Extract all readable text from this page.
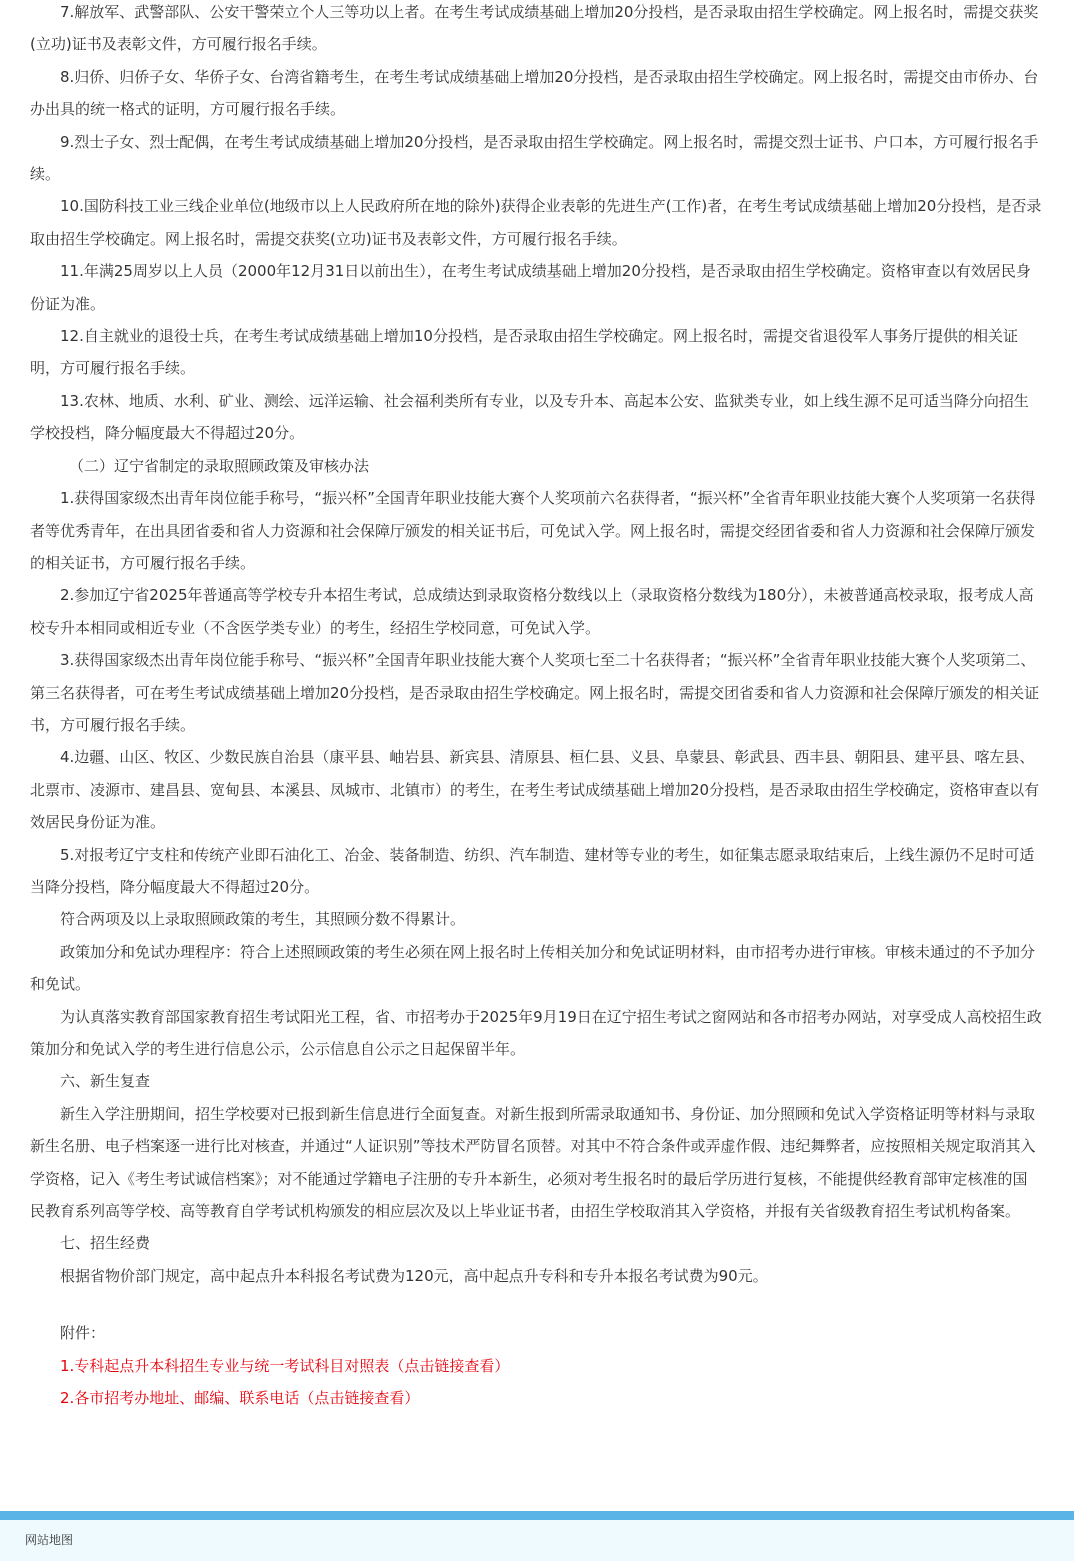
7.解放军、武警部队、公安干警荣立个人三等功以上者。在考生考试成绩基础上增加20分投档，是否录取由招生学校确定。网上报名时，需提交获奖(立功)证书及表彰文件，方可履行报名手续。

8.归侨、归侨子女、华侨子女、台湾省籍考生，在考生考试成绩基础上增加20分投档，是否录取由招生学校确定。网上报名时，需提交由市侨办、台办出具的统一格式的证明，方可履行报名手续。

9.烈士子女、烈士配偶，在考生考试成绩基础上增加20分投档，是否录取由招生学校确定。网上报名时，需提交烈士证书、户口本，方可履行报名手续。

10.国防科技工业三线企业单位(地级市以上人民政府所在地的除外)获得企业表彰的先进生产(工作)者，在考生考试成绩基础上增加20分投档，是否录取由招生学校确定。网上报名时，需提交获奖(立功)证书及表彰文件，方可履行报名手续。

11.年满25周岁以上人员（2000年12月31日以前出生），在考生考试成绩基础上增加20分投档，是否录取由招生学校确定。资格审查以有效居民身份证为准。

12.自主就业的退役士兵，在考生考试成绩基础上增加10分投档，是否录取由招生学校确定。网上报名时，需提交省退役军人事务厅提供的相关证明，方可履行报名手续。

13.农林、地质、水利、矿业、测绘、远洋运输、社会福利类所有专业，以及专升本、高起本公安、监狱类专业，如上线生源不足可适当降分向招生学校投档，降分幅度最大不得超过20分。

（二）辽宁省制定的录取照顾政策及审核办法

1.获得国家级杰出青年岗位能手称号，“振兴杯”全国青年职业技能大赛个人奖项前六名获得者，“振兴杯”全省青年职业技能大赛个人奖项第一名获得者等优秀青年，在出具团省委和省人力资源和社会保障厅颁发的相关证书后，可免试入学。网上报名时，需提交经团省委和省人力资源和社会保障厅颁发的相关证书，方可履行报名手续。

2.参加辽宁省2025年普通高等学校专升本招生考试，总成绩达到录取资格分数线以上（录取资格分数线为180分），未被普通高校录取，报考成人高校专升本相同或相近专业（不含医学类专业）的考生，经招生学校同意，可免试入学。

3.获得国家级杰出青年岗位能手称号、“振兴杯”全国青年职业技能大赛个人奖项七至二十名获得者；“振兴杯”全省青年职业技能大赛个人奖项第二、第三名获得者，可在考生考试成绩基础上增加20分投档，是否录取由招生学校确定。网上报名时，需提交团省委和省人力资源和社会保障厅颁发的相关证书，方可履行报名手续。

4.边疆、山区、牧区、少数民族自治县（康平县、岫岩县、新宾县、清原县、桓仁县、义县、阜蒙县、彰武县、西丰县、朝阳县、建平县、喀左县、北票市、凌源市、建昌县、宽甸县、本溪县、凤城市、北镇市）的考生，在考生考试成绩基础上增加20分投档，是否录取由招生学校确定，资格审查以有效居民身份证为准。

5.对报考辽宁支柱和传统产业即石油化工、冶金、装备制造、纺织、汽车制造、建材等专业的考生，如征集志愿录取结束后，上线生源仍不足时可适当降分投档，降分幅度最大不得超过20分。

符合两项及以上录取照顾政策的考生，其照顾分数不得累计。

政策加分和免试办理程序：符合上述照顾政策的考生必须在网上报名时上传相关加分和免试证明材料，由市招考办进行审核。审核未通过的不予加分和免试。

为认真落实教育部国家教育招生考试阳光工程，省、市招考办于2025年9月19日在辽宁招生考试之窗网站和各市招考办网站，对享受成人高校招生政策加分和免试入学的考生进行信息公示，公示信息自公示之日起保留半年。

六、新生复查

新生入学注册期间，招生学校要对已报到新生信息进行全面复查。对新生报到所需录取通知书、身份证、加分照顾和免试入学资格证明等材料与录取新生名册、电子档案逐一进行比对核查，并通过“人证识别”等技术严防冒名顶替。对其中不符合条件或弄虚作假、违纪舞弊者，应按照相关规定取消其入学资格，记入《考生考试诚信档案》；对不能通过学籍电子注册的专升本新生，必须对考生报名时的最后学历进行复核，不能提供经教育部审定核准的国民教育系列高等学校、高等教育自学考试机构颁发的相应层次及以上毕业证书者，由招生学校取消其入学资格，并报有关省级教育招生考试机构备案。

七、招生经费

根据省物价部门规定，高中起点升本科报名考试费为120元，高中起点升专科和专升本报名考试费为90元。

附件：

1.专科起点升本科招生专业与统一考试科目对照表（点击链接查看）

2.各市招考办地址、邮编、联系电话（点击链接查看）

网站地图
